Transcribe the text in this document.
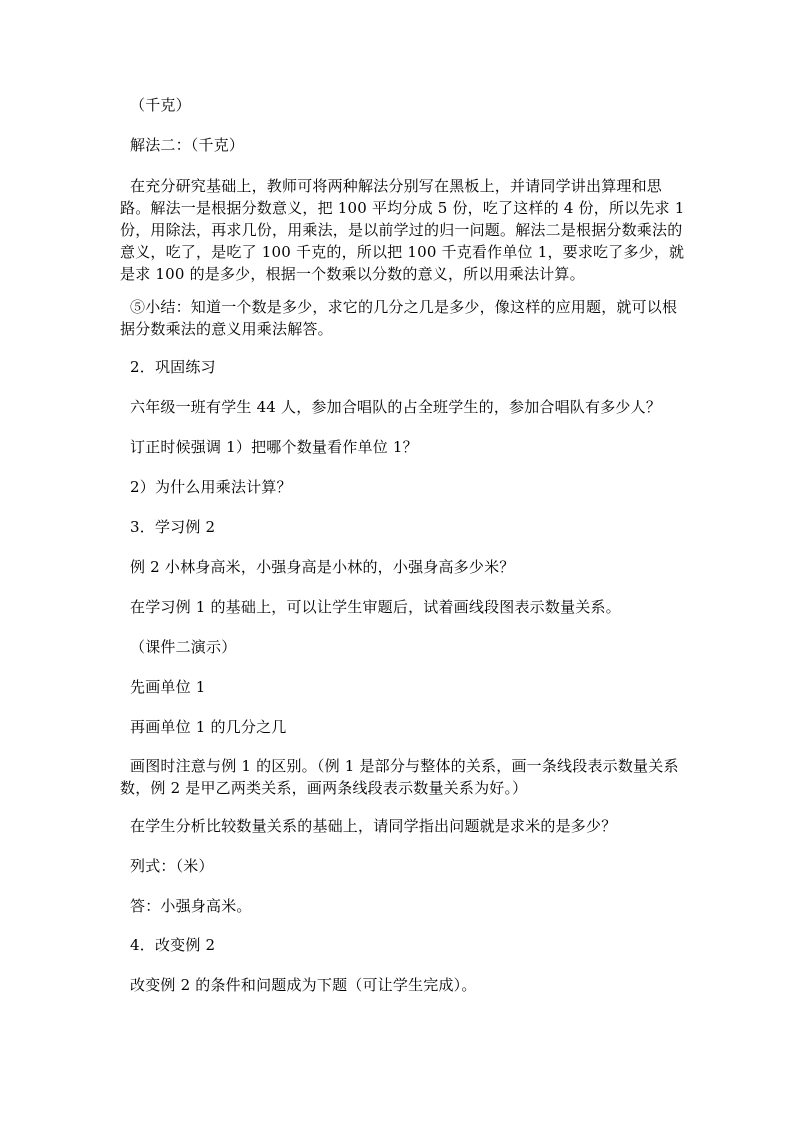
（千克）

解法二：（千克）

在充分研究基础上，教师可将两种解法分别写在黑板上，并请同学讲出算理和思路。解法一是根据分数意义，把 100 平均分成 5 份，吃了这样的 4 份，所以先求 1 份，用除法，再求几份，用乘法，是以前学过的归一问题。解法二是根据分数乘法的意义，吃了，是吃了 100 千克的，所以把 100 千克看作单位 1，要求吃了多少，就是求 100 的是多少，根据一个数乘以分数的意义，所以用乘法计算。

⑤小结：知道一个数是多少，求它的几分之几是多少，像这样的应用题，就可以根据分数乘法的意义用乘法解答。

2．巩固练习

六年级一班有学生 44 人，参加合唱队的占全班学生的，参加合唱队有多少人？

订正时候强调 1）把哪个数量看作单位 1？

2）为什么用乘法计算？

3．学习例 2

例 2 小林身高米，小强身高是小林的，小强身高多少米？

在学习例 1 的基础上，可以让学生审题后，试着画线段图表示数量关系。

（课件二演示）

先画单位 1

再画单位 1 的几分之几

画图时注意与例 1 的区别。（例 1 是部分与整体的关系，画一条线段表示数量关系数，例 2 是甲乙两类关系，画两条线段表示数量关系为好。）

在学生分析比较数量关系的基础上，请同学指出问题就是求米的是多少？

列式：（米）

答：小强身高米。

4．改变例 2

改变例 2 的条件和问题成为下题（可让学生完成）。
